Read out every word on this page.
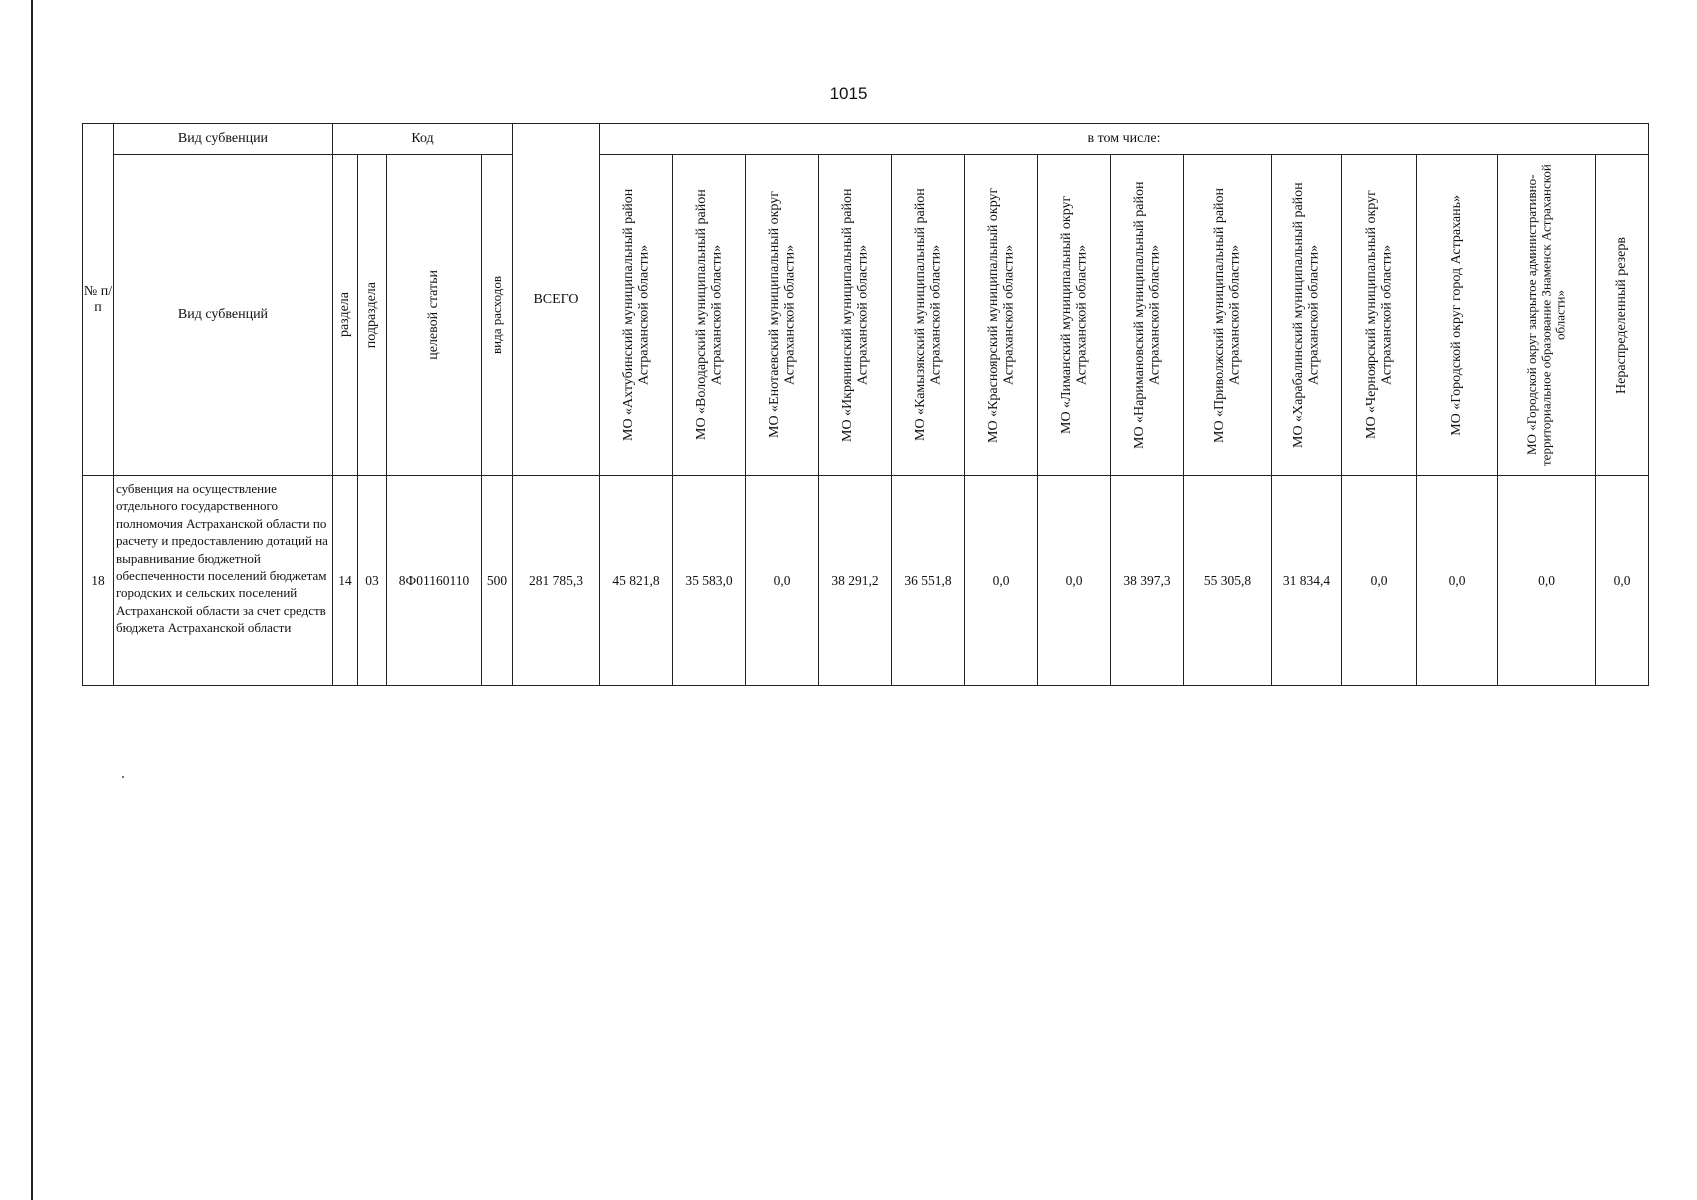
1015
№ п/п	Вид субвенции	Код				ВСЕГО	в том числе:													
	Вид субвенций	раздела	подраздела	целевой статьи	вида расходов		МО «Ахтубинский муниципальный район Астраханской области»	МО «Володарский муниципальный район Астраханской области»	МО «Енотаевский муниципальный округ Астраханской области»	МО «Икрянинский муниципальный район Астраханской области»	МО «Камызякский муниципальный район Астраханской области»	МО «Красноярский муниципальный округ Астраханской области»	МО «Лиманский муниципальный округ Астраханской области»	МО «Наримановский муниципальный район Астраханской области»	МО «Приволжский муниципальный район Астраханской области»	МО «Харабалинский муниципальный район Астраханской области»	МО «Черноярский муниципальный округ Астраханской области»	МО «Городской округ город Астрахань»	МО «Городской округ закрытое административно-территориальное образование Знаменск Астраханской области»	Нераспределенный резерв

18	субвенция на осуществление отдельного государственного полномочия Астраханской области по расчету и предоставлению дотаций на выравнивание бюджетной обеспеченности поселений бюджетам городских и сельских поселений Астраханской области за счет средств бюджета Астраханской области	14	03	8Ф01160110	500	281 785,3	45 821,8	35 583,0	0,0	38 291,2	36 551,8	0,0	0,0	38 397,3	55 305,8	31 834,4	0,0	0,0	0,0	0,0
